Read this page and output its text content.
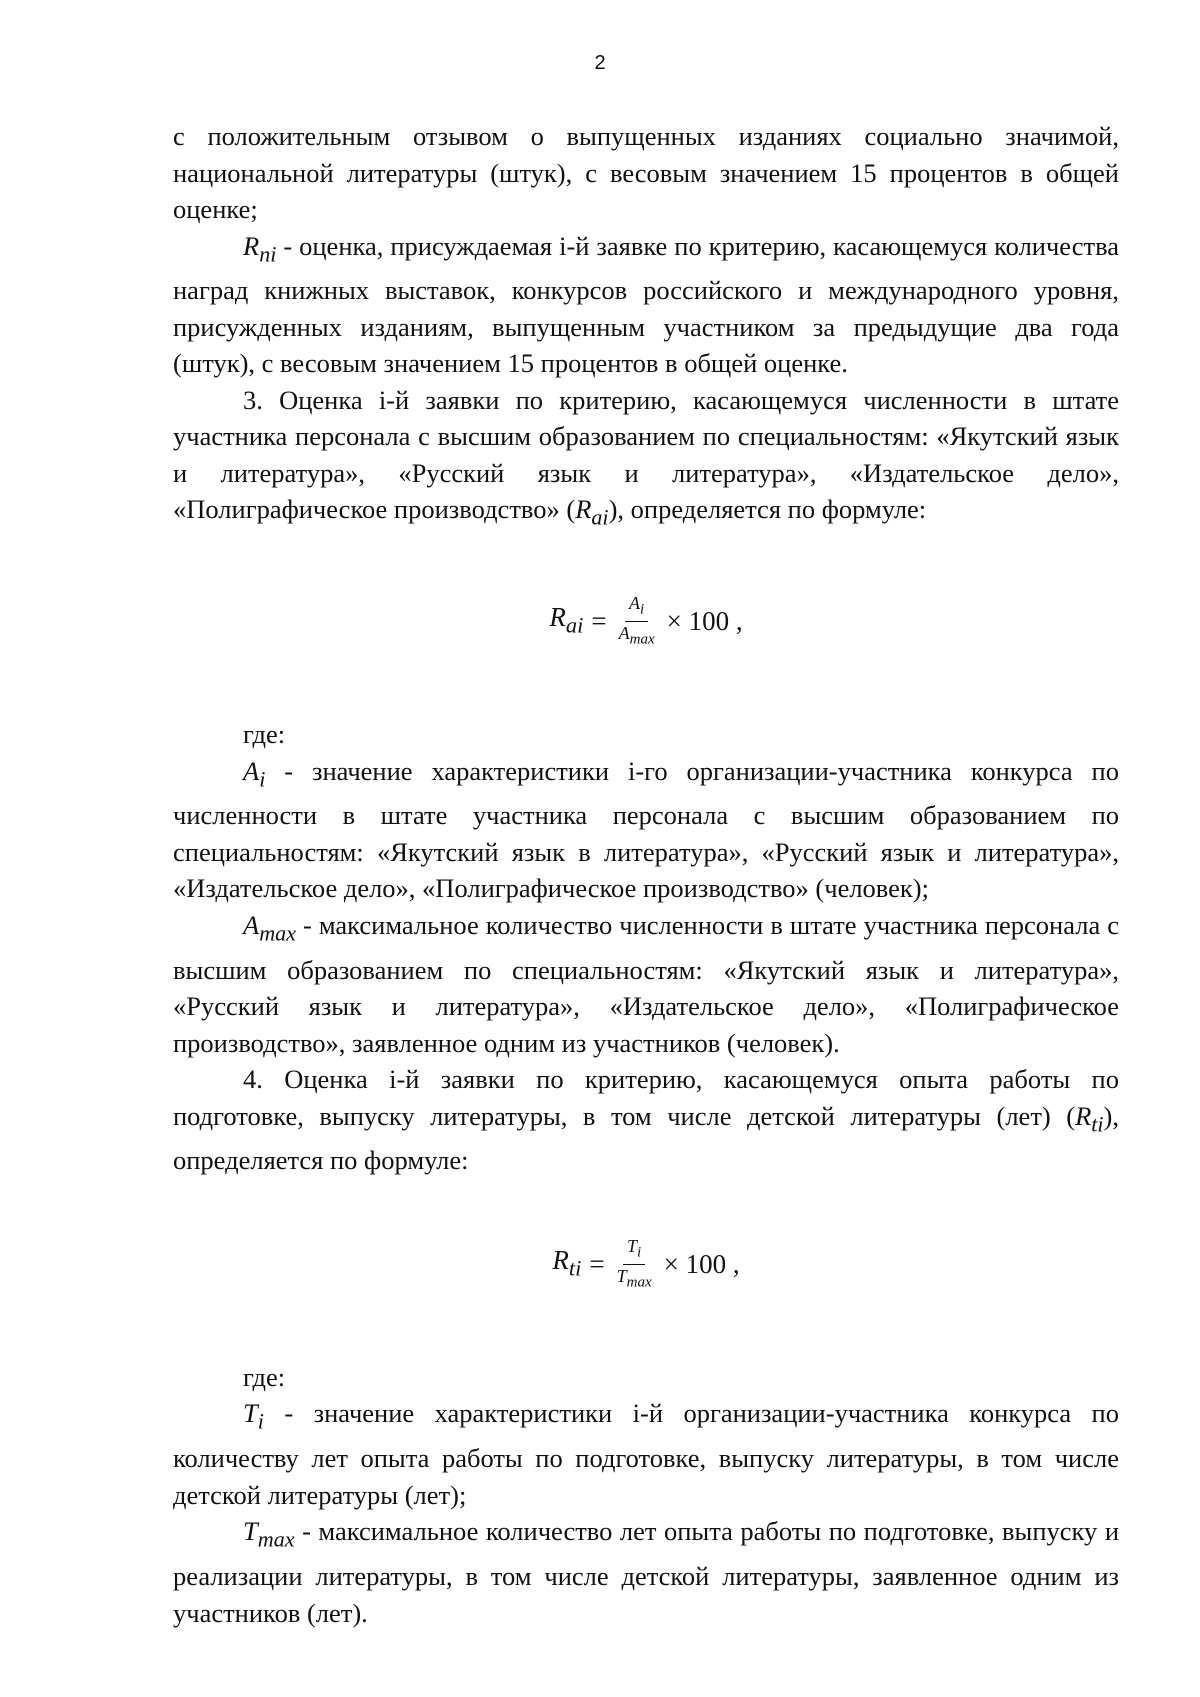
2

с положительным отзывом о выпущенных изданиях социально значимой, национальной литературы (штук), с весовым значением 15 процентов в общей оценке;

$R_{ni}$ - оценка, присуждаемая i-й заявке по критерию, касающемуся количества наград книжных выставок, конкурсов российского и международного уровня, присужденных изданиям, выпущенным участником за предыдущие два года (штук), с весовым значением 15 процентов в общей оценке.

3. Оценка i-й заявки по критерию, касающемуся численности в штате участника персонала с высшим образованием по специальностям: «Якутский язык и литература», «Русский язык и литература», «Издательское дело», «Полиграфическое производство» $(R_{ai})$, определяется по формуле:

$R_{ai} = \frac{A_i}{A_{max}} \times 100$ ,

где:

$A_i$ - значение характеристики i-го организации-участника конкурса по численности в штате участника персонала с высшим образованием по специальностям: «Якутский язык в литература», «Русский язык и литература», «Издательское дело», «Полиграфическое производство» (человек);

$A_{max}$ - максимальное количество численности в штате участника персонала с высшим образованием по специальностям: «Якутский язык и литература», «Русский язык и литература», «Издательское дело», «Полиграфическое производство», заявленное одним из участников (человек).

4. Оценка i-й заявки по критерию, касающемуся опыта работы по подготовке, выпуску литературы, в том числе детской литературы (лет) $(R_{ti})$, определяется по формуле:

$R_{ti} = \frac{T_i}{T_{max}} \times 100$ ,

где:

$T_i$ - значение характеристики i-й организации-участника конкурса по количеству лет опыта работы по подготовке, выпуску литературы, в том числе детской литературы (лет);

$T_{max}$ - максимальное количество лет опыта работы по подготовке, выпуску и реализации литературы, в том числе детской литературы, заявленное одним из участников (лет).
